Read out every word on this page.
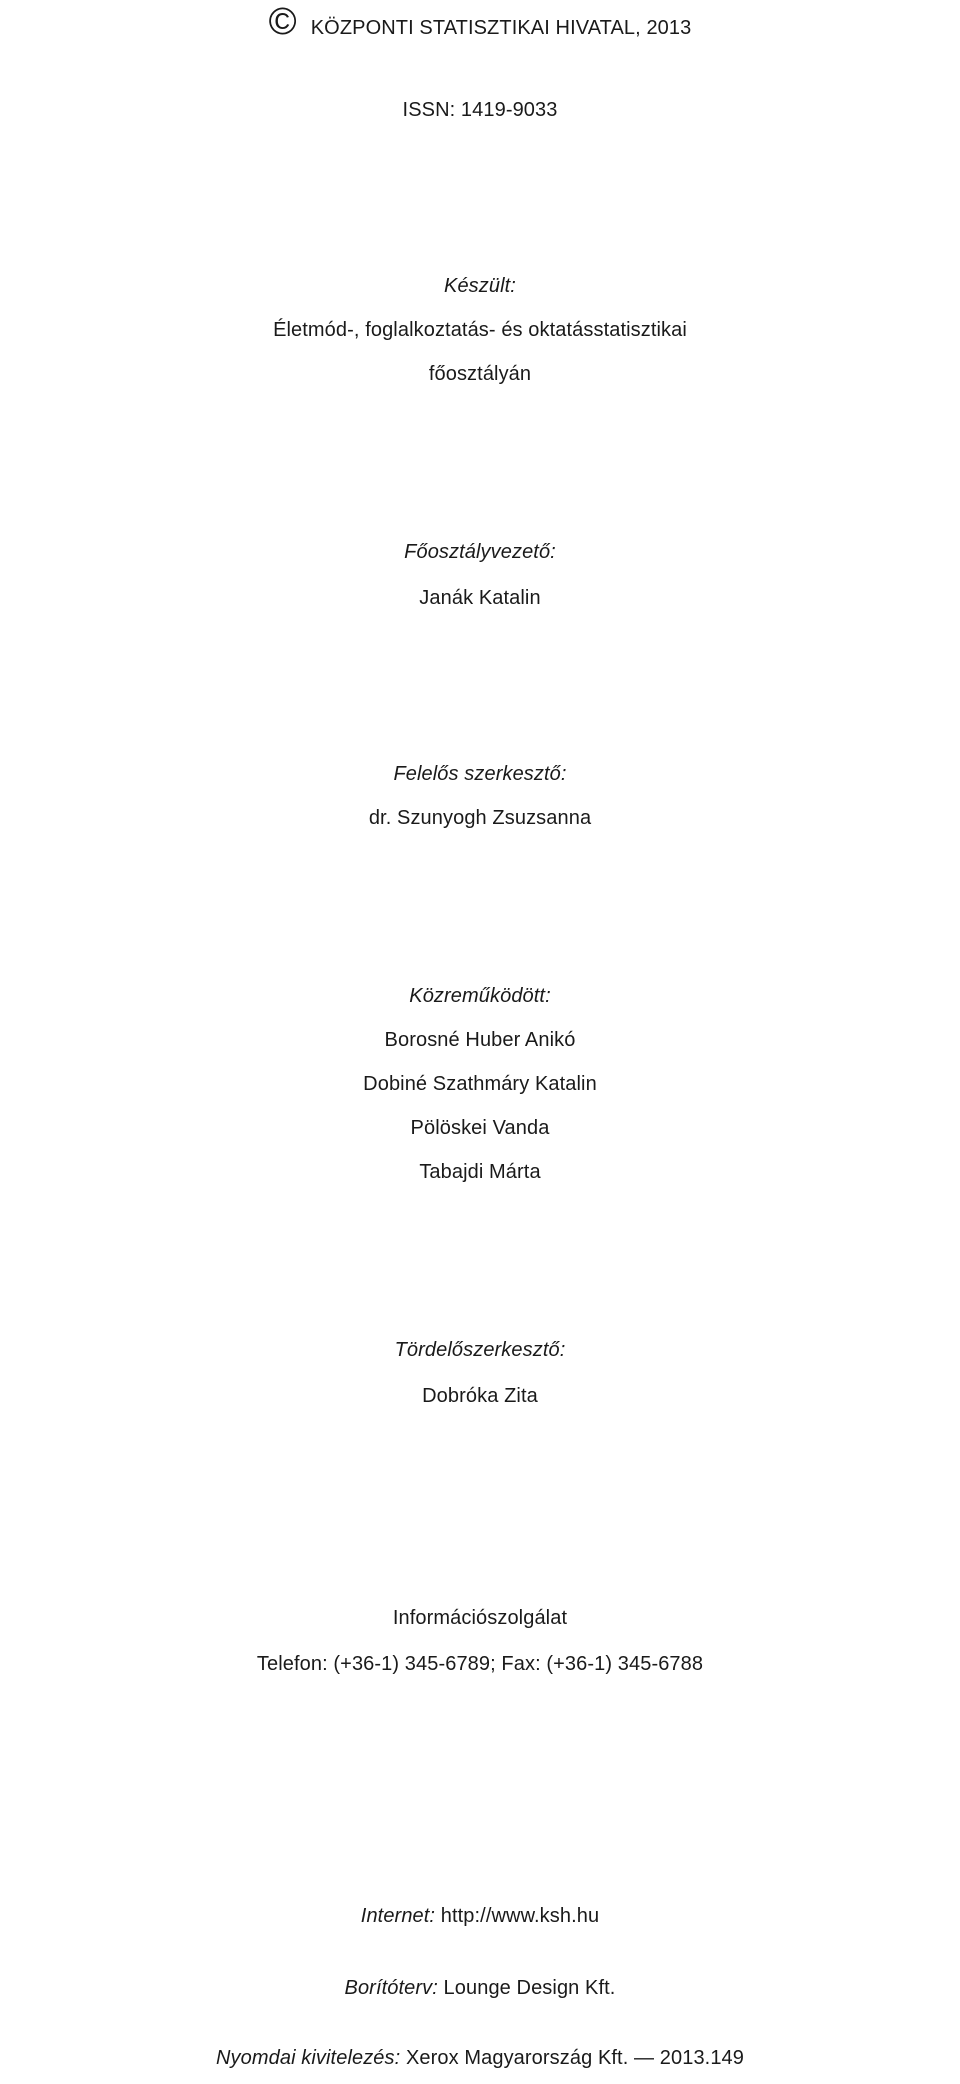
© KÖZPONTI STATISZTIKAI HIVATAL, 2013
ISSN: 1419-9033
Készült:
Életmód-, foglalkoztatás- és oktatásstatisztikai
főosztályán
Főosztályvezető:
Janák Katalin
Felelős szerkesztő:
dr. Szunyogh Zsuzsanna
Közreműködött:
Borosné Huber Anikó
Dobiné Szathmáry Katalin
Pölöskei Vanda
Tabajdi Márta
Tördelőszerkesztő:
Dobróka Zita
Információszolgálat
Telefon: (+36-1) 345-6789; Fax: (+36-1) 345-6788
Internet: http://www.ksh.hu
Borítóterv: Lounge Design Kft.
Nyomdai kivitelezés: Xerox Magyarország Kft. — 2013.149
